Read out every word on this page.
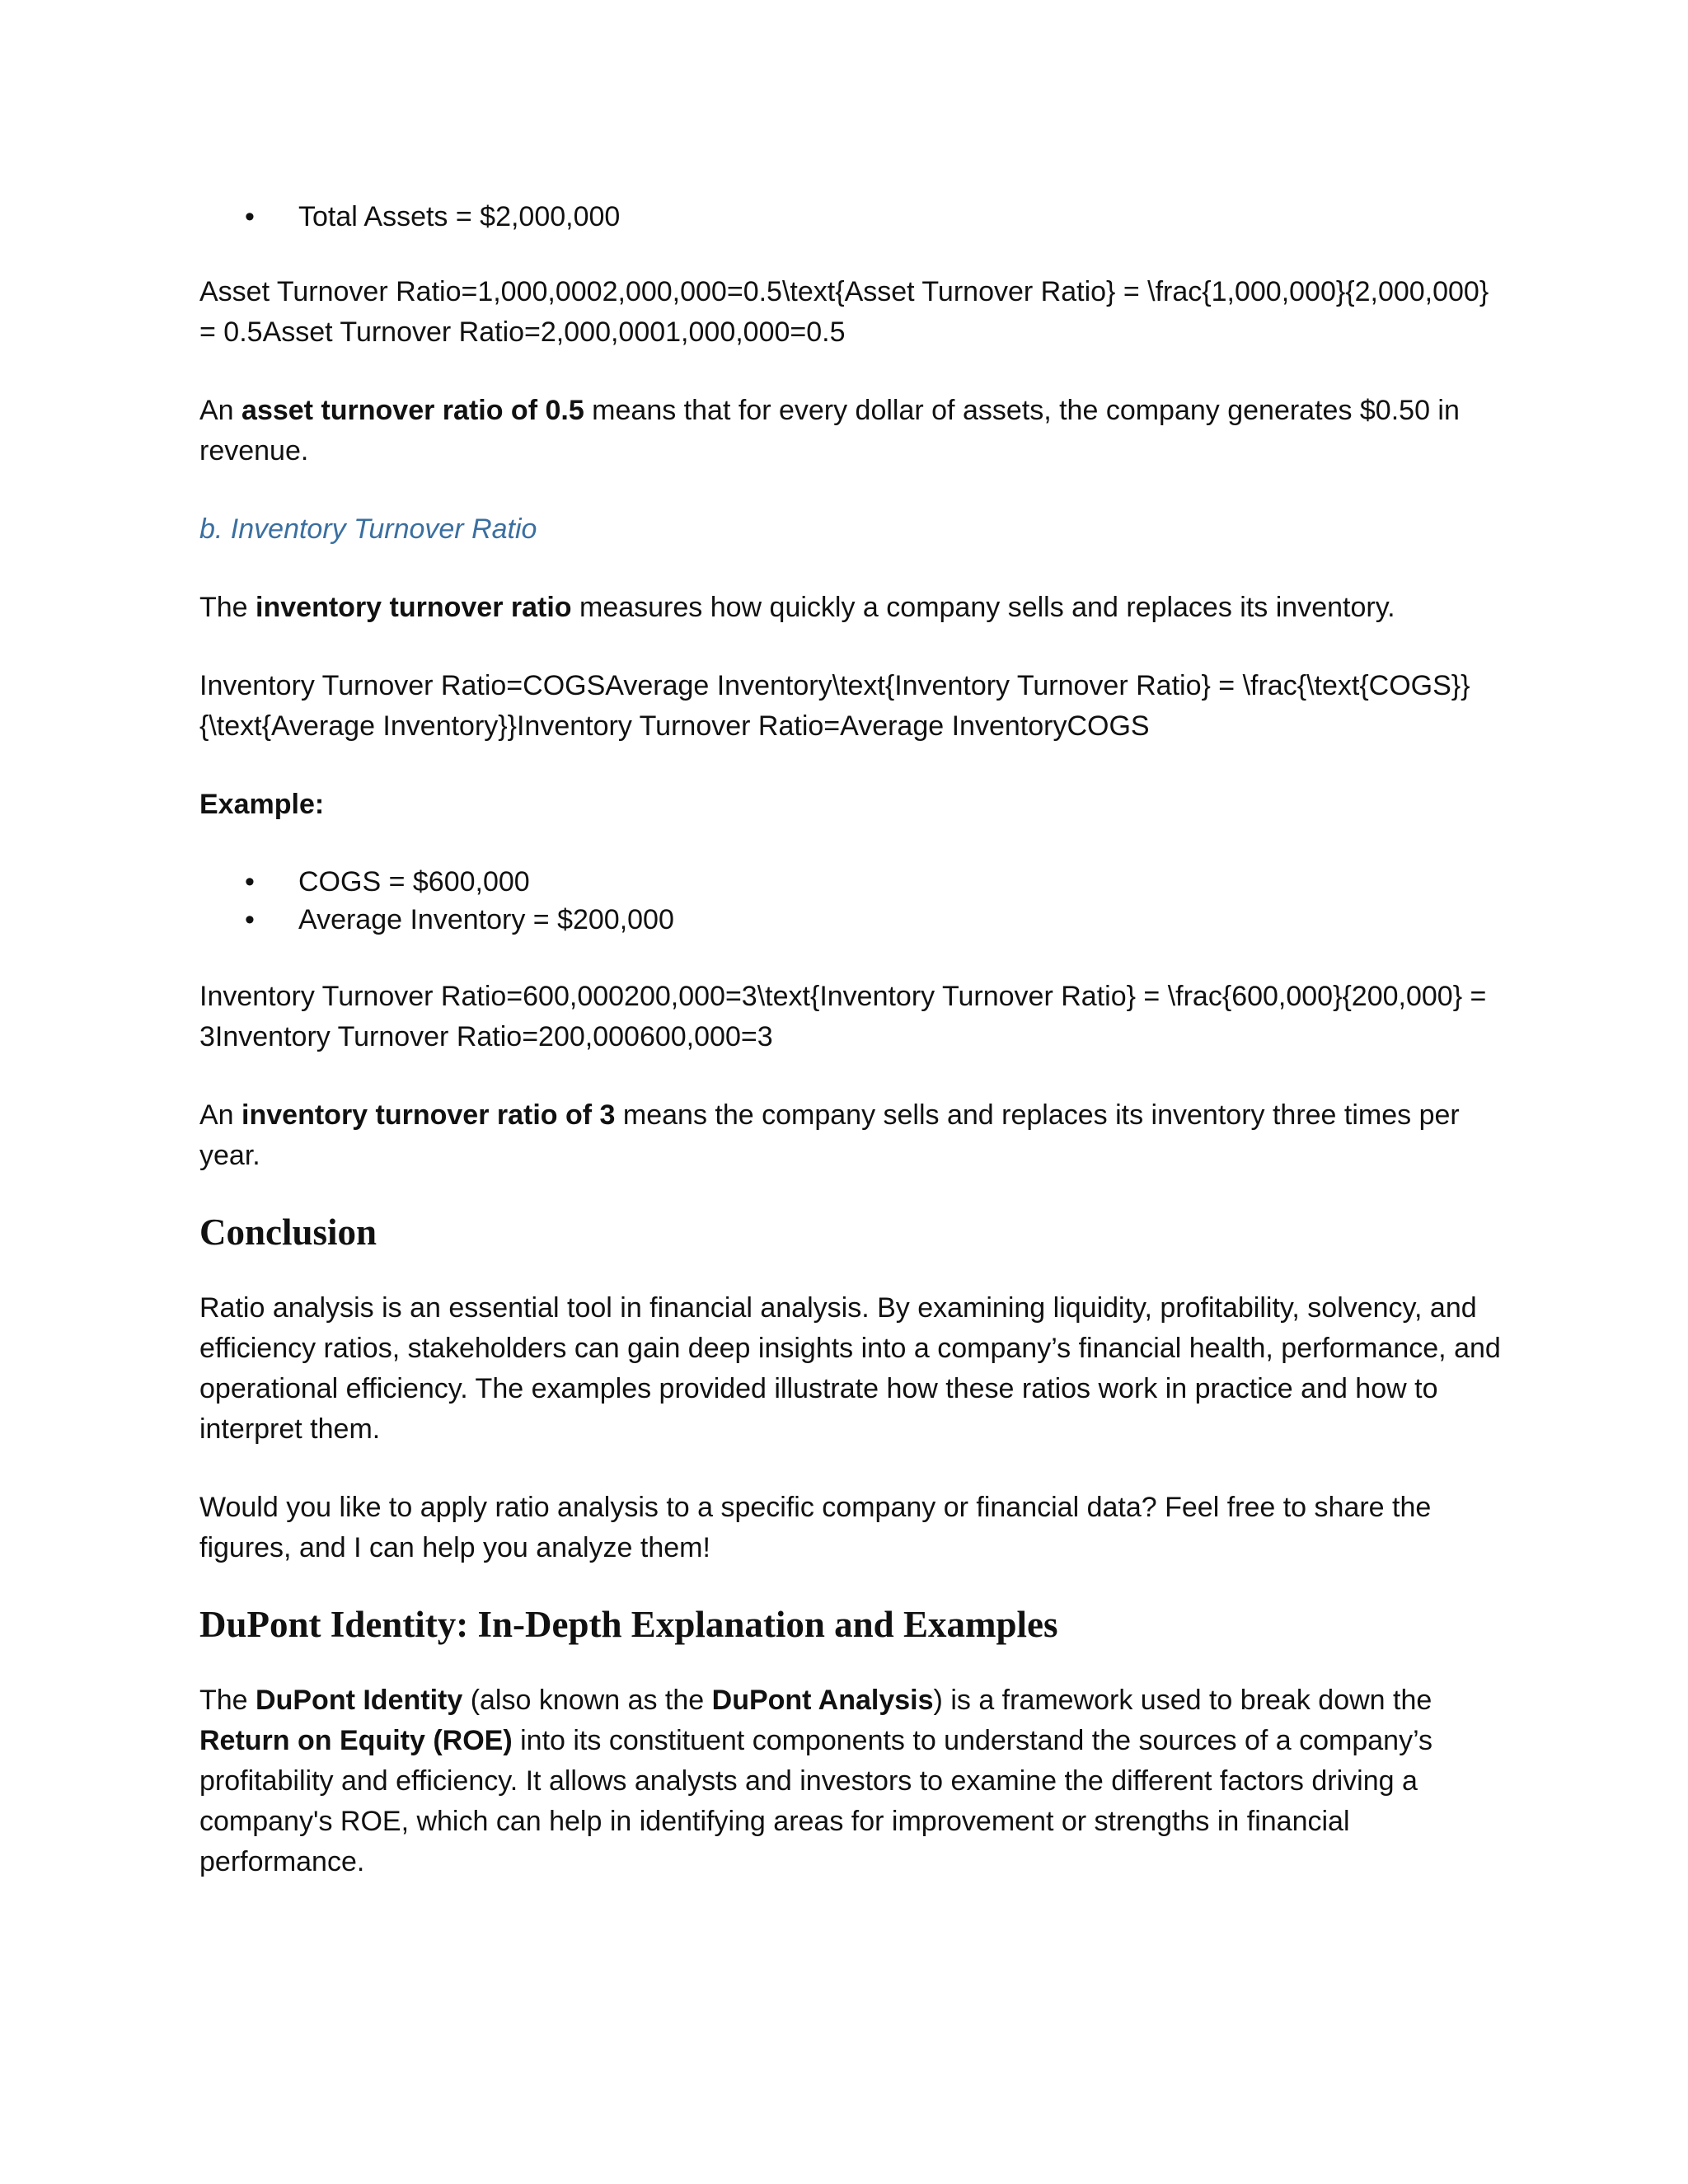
• Total Assets = $2,000,000

Asset Turnover Ratio=1,000,0002,000,000=0.5\text{Asset Turnover Ratio} = \frac{1,000,000}{2,000,000} = 0.5Asset Turnover Ratio=2,000,0001,000,000=0.5

An asset turnover ratio of 0.5 means that for every dollar of assets, the company generates $0.50 in revenue.

b. Inventory Turnover Ratio

The inventory turnover ratio measures how quickly a company sells and replaces its inventory.

Inventory Turnover Ratio=COGSAverage Inventory\text{Inventory Turnover Ratio} = \frac{\text{COGS}}{\text{Average Inventory}}Inventory Turnover Ratio=Average InventoryCOGS

Example:

• COGS = $600,000
• Average Inventory = $200,000

Inventory Turnover Ratio=600,000200,000=3\text{Inventory Turnover Ratio} = \frac{600,000}{200,000} = 3Inventory Turnover Ratio=200,000600,000=3

An inventory turnover ratio of 3 means the company sells and replaces its inventory three times per year.

Conclusion

Ratio analysis is an essential tool in financial analysis. By examining liquidity, profitability, solvency, and efficiency ratios, stakeholders can gain deep insights into a company’s financial health, performance, and operational efficiency. The examples provided illustrate how these ratios work in practice and how to interpret them.

Would you like to apply ratio analysis to a specific company or financial data? Feel free to share the figures, and I can help you analyze them!

DuPont Identity: In-Depth Explanation and Examples

The DuPont Identity (also known as the DuPont Analysis) is a framework used to break down the Return on Equity (ROE) into its constituent components to understand the sources of a company’s profitability and efficiency. It allows analysts and investors to examine the different factors driving a company's ROE, which can help in identifying areas for improvement or strengths in financial performance.
